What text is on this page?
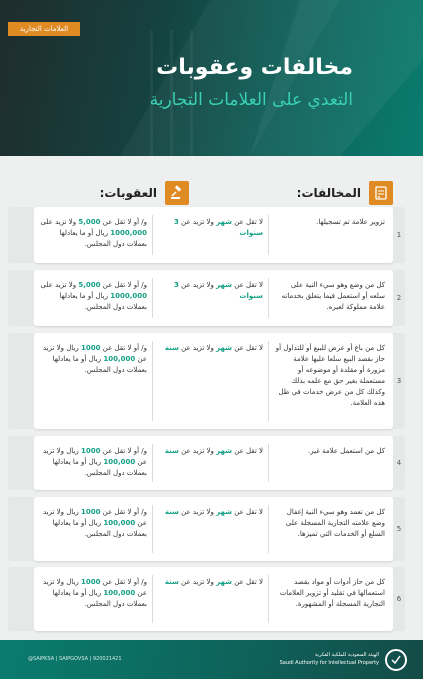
العلامات التجارية
مخالفات وعقوبات
التعدي على العلامات التجارية
المخالفات:
العقوبات:
1
تزوير علامة تم تسجيلها.
لا تقل عن شهر ولا تزيد عن 3 سنوات
و/ أو لا تقل عن 5,000 ولا تزيد على 1000,000 ريال أو ما يعادلها بعملات دول المجلس.
2
كل من وضع وهو سيء النية على سلعه أو استعمل فيما يتعلق بخدماته علامة مملوكة لغيره.
لا تقل عن شهر ولا تزيد عن 3 سنوات
و/ أو لا تقل عن 5,000 ولا تزيد على 1000,000 ريال أو ما يعادلها بعملات دول المجلس.
3
كل من باع أو عرض للبيع أو للتداول أو حاز بقصد البيع سلعا عليها علامة مزورة أو مقلدة أو موضوعه أو مستعملة بغير حق مع علمه بذلك وكذلك كل من عرض خدمات في ظل هذه العلامة.
لا تقل عن شهر ولا تزيد عن سنة
و/ أو لا تقل عن 1000 ريال ولا تزيد عن 100,000 ريال أو ما يعادلها بعملات دول المجلس.
4
كل من استعمل علامة غير.
لا تقل عن شهر ولا تزيد عن سنة
و/ أو لا تقل عن 1000 ريال ولا تزيد عن 100,000 ريال أو ما يعادلها بعملات دول المجلس.
5
كل من تعمد وهو سيء النية إغفال وضع علامته التجارية المسجلة على السلع أو الخدمات التي تميزها.
لا تقل عن شهر ولا تزيد عن سنة
و/ أو لا تقل عن 1000 ريال ولا تزيد عن 100,000 ريال أو ما يعادلها بعملات دول المجلس.
6
كل من حاز أدوات أو مواد بقصد استعمالها في تقليد أو تزوير العلامات التجارية المسجلة أو المشهورة.
لا تقل عن شهر ولا تزيد عن سنة
و/ أو لا تقل عن 1000 ريال ولا تزيد عن 100,000 ريال أو ما يعادلها بعملات دول المجلس.
الهيئة السعودية للملكية الفكرية
Saudi Authority for Intellectual Property
@SAIPKSA | SAIPGOVSA | 920021421
